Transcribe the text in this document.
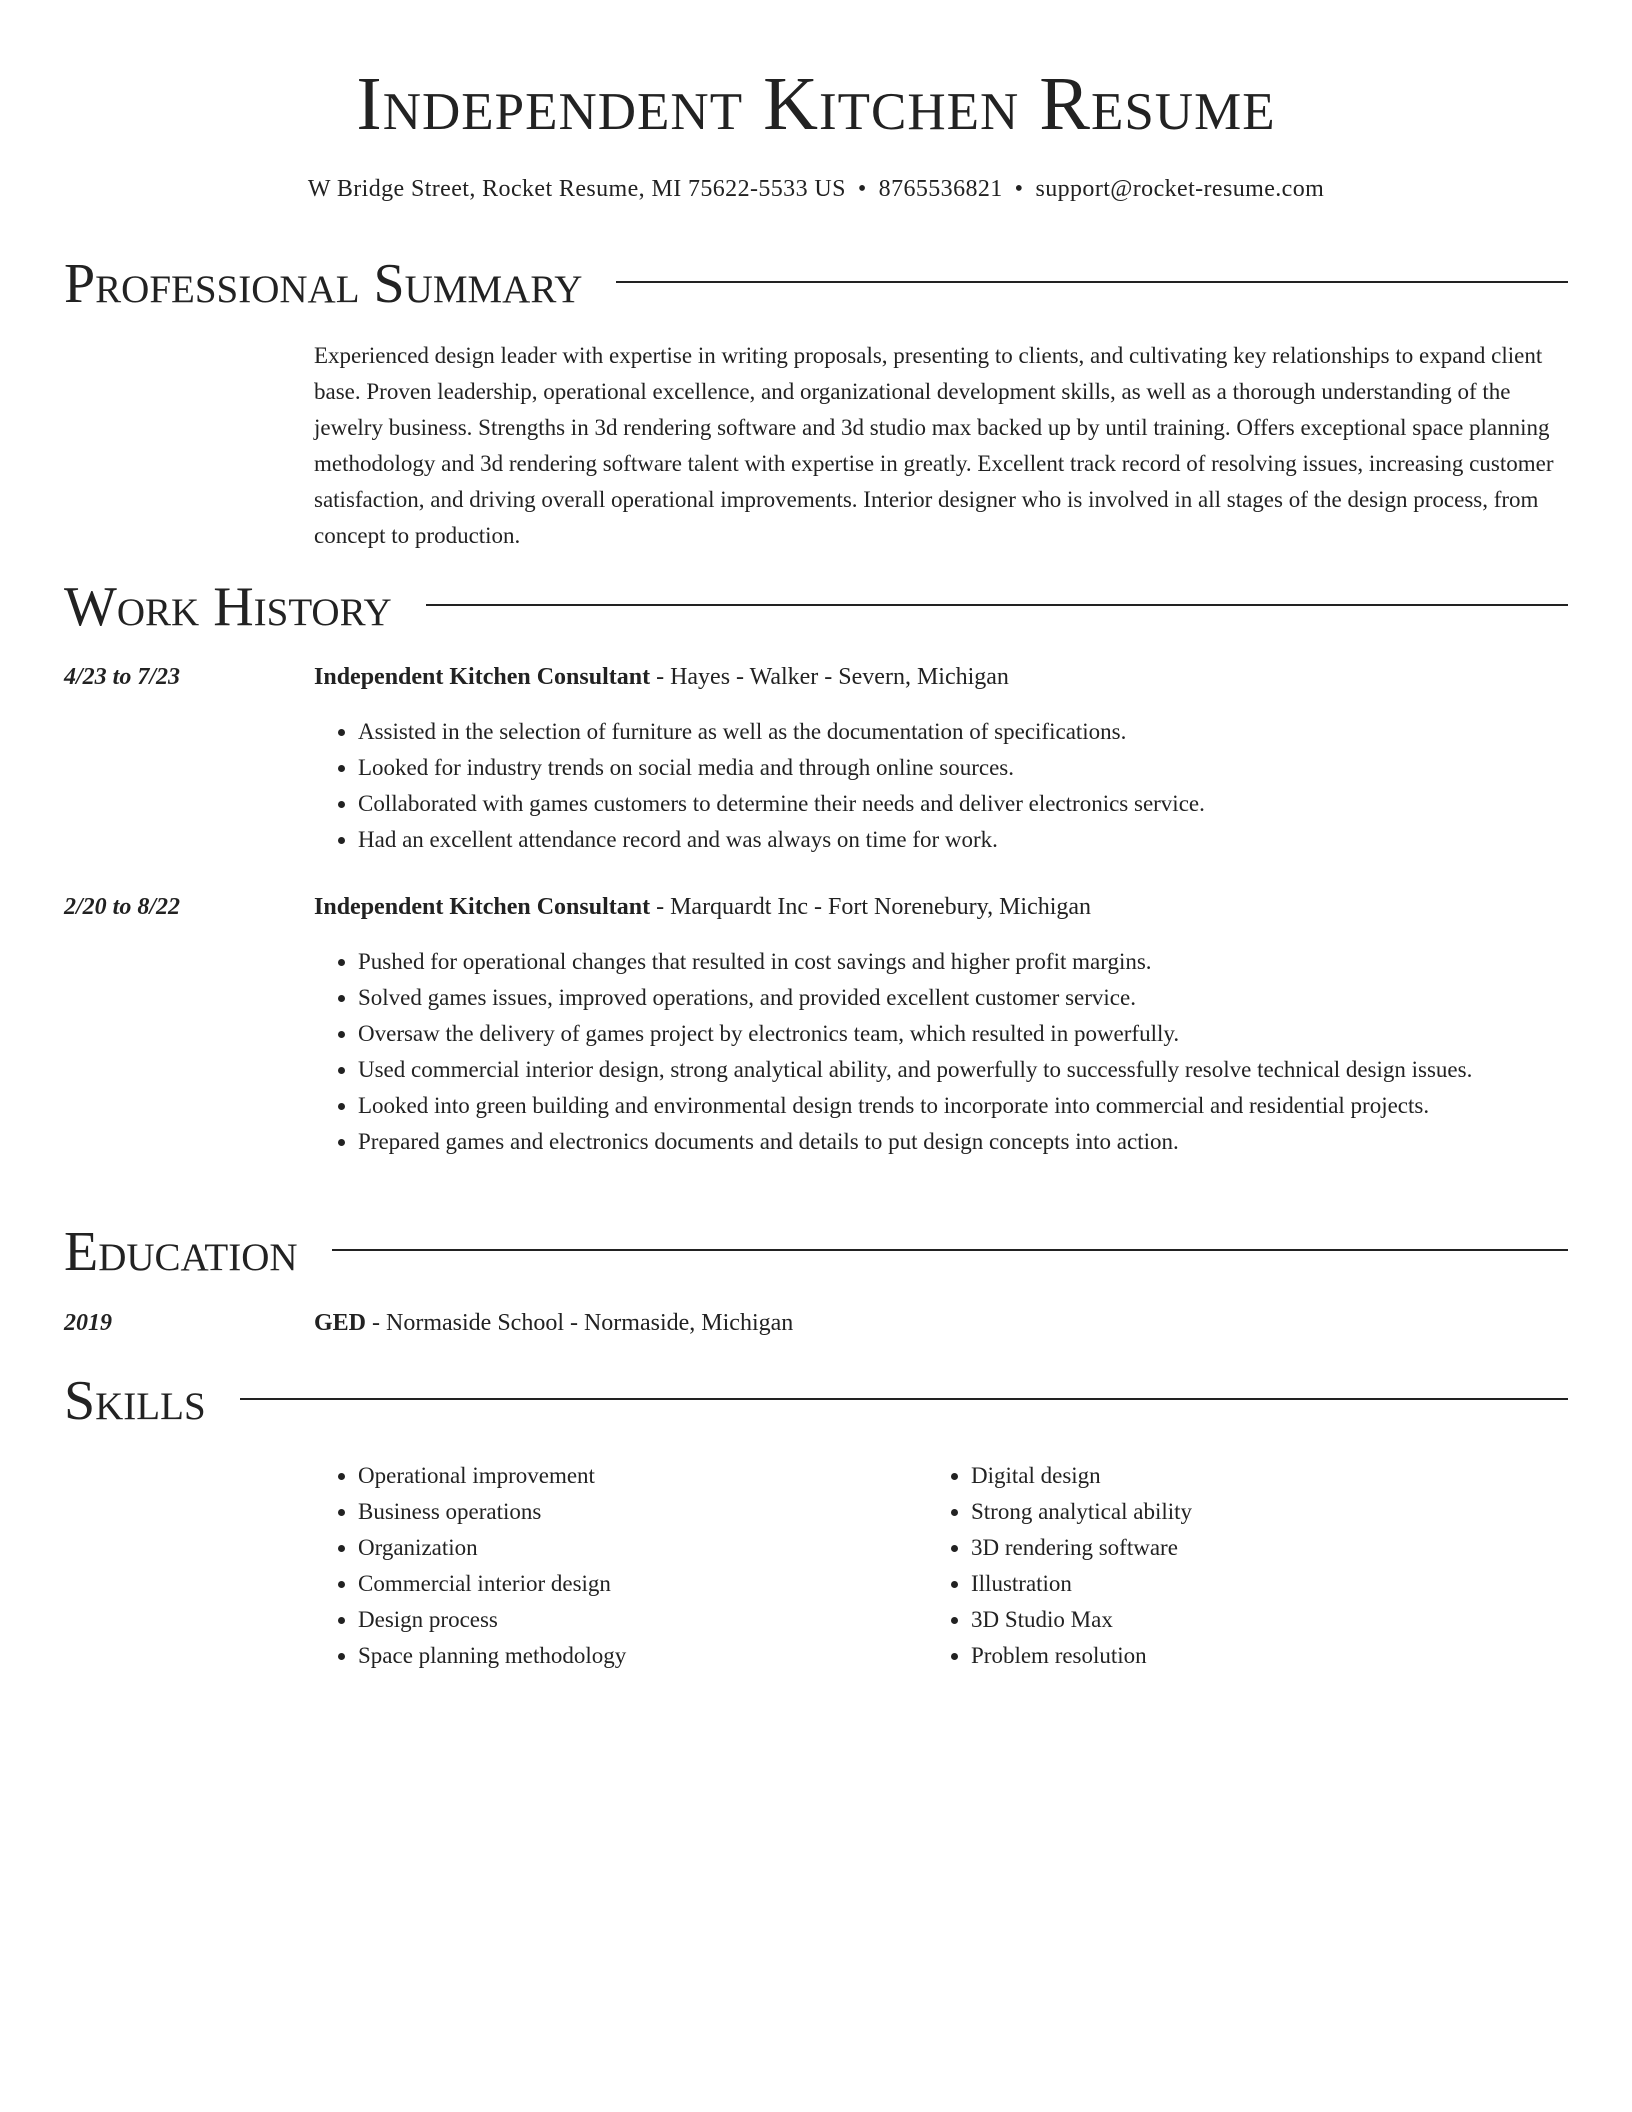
Independent Kitchen Resume
W Bridge Street, Rocket Resume, MI 75622-5533 US • 8765536821 • support@rocket-resume.com
Professional Summary

Experienced design leader with expertise in writing proposals, presenting to clients, and cultivating key relationships to expand client base. Proven leadership, operational excellence, and organizational development skills, as well as a thorough understanding of the jewelry business. Strengths in 3d rendering software and 3d studio max backed up by until training. Offers exceptional space planning methodology and 3d rendering software talent with expertise in greatly. Excellent track record of resolving issues, increasing customer satisfaction, and driving overall operational improvements. Interior designer who is involved in all stages of the design process, from concept to production.

Work History
4/23 to 7/23	Independent Kitchen Consultant - Hayes - Walker - Severn, Michigan
• Assisted in the selection of furniture as well as the documentation of specifications.
• Looked for industry trends on social media and through online sources.
• Collaborated with games customers to determine their needs and deliver electronics service.
• Had an excellent attendance record and was always on time for work.
2/20 to 8/22	Independent Kitchen Consultant - Marquardt Inc - Fort Norenebury, Michigan
• Pushed for operational changes that resulted in cost savings and higher profit margins.
• Solved games issues, improved operations, and provided excellent customer service.
• Oversaw the delivery of games project by electronics team, which resulted in powerfully.
• Used commercial interior design, strong analytical ability, and powerfully to successfully resolve technical design issues.
• Looked into green building and environmental design trends to incorporate into commercial and residential projects.
• Prepared games and electronics documents and details to put design concepts into action.
Education
2019	GED - Normaside School - Normaside, Michigan
Skills
• Operational improvement
• Business operations
• Organization
• Commercial interior design
• Design process
• Space planning methodology
• Digital design
• Strong analytical ability
• 3D rendering software
• Illustration
• 3D Studio Max
• Problem resolution
